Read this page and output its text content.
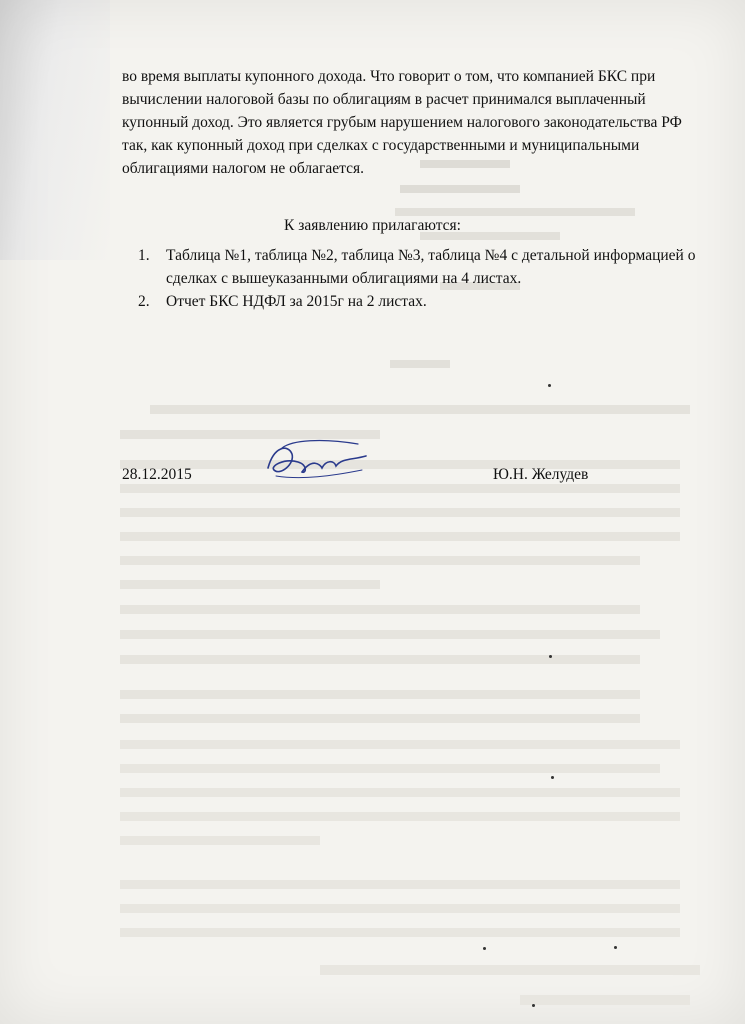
во время выплаты купонного дохода. Что говорит о том, что компанией БКС при вычислении налоговой базы по облигациям в расчет принимался выплаченный купонный доход. Это является грубым нарушением налогового законодательства РФ так, как купонный доход при сделках с государственными и муниципальными облигациями налогом не облагается.

К заявлению прилагаются:
1. Таблица №1, таблица №2, таблица №3, таблица №4 с детальной информацией о сделках с вышеуказанными облигациями на 4 листах.
2. Отчет БКС НДФЛ за 2015г на 2 листах.
28.12.2015	Ю.Н. Желудев
